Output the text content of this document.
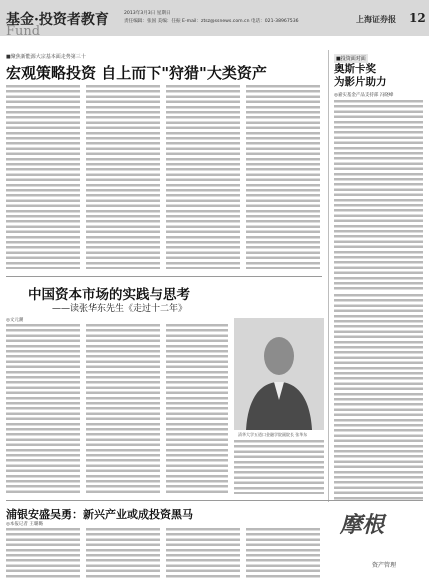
基金·投资者教育
Fund
2013年3月3日 星期日
责任编辑：张国 美编：任振 E-mail：ztsz@ssnews.com.cn 电话：021-38967536	上海证券报 12
■聚焦新能源大宗基本面走势第三十
宏观策略投资 自上而下"狩猎"大类资产
■投资面对面
奥斯卡奖
为影片助力
◎嘉实基金产品支持部 冯晓峰
中国资本市场的实践与思考
——读张华东先生《走过十二年》
◎文元潮
清华大学五道口金融学院副院长 张华东
浦银安盛吴勇：新兴产业或成投资黑马
◎本报记者 王璐璐	摩根
资产管理
